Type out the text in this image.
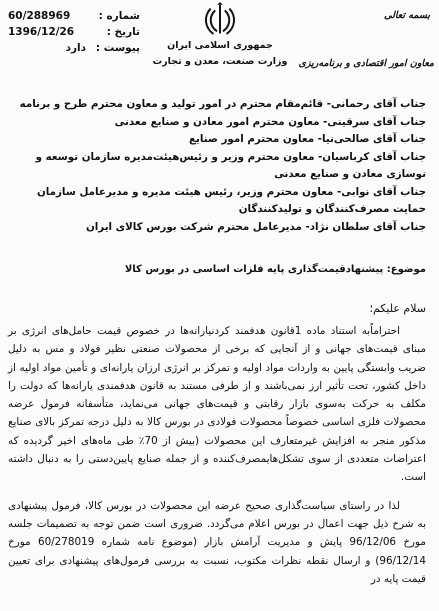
60/288969	شماره :
1396/12/26	تاریخ :
دارد پیوست :	جمهوری اسلامی ایران
وزارت صنعت، معدن و تجارت
بسمه تعالی
معاون امور اقتصادی و برنامه‌ریزی
جناب آقای رحمانی- قائم‌مقام محترم در امور تولید و معاون محترم طرح و برنامه
جناب آقای سرقینی- معاون محترم امور معادن و صنایع معدنی
جناب آقای صالحی‌نیا- معاون محترم امور صنایع
جناب آقای کرباسیان- معاون محترم وزیر و رئیس‌هیئت‌مدیره سازمان توسعه و نوسازی معادن و صنایع معدنی
جناب آقای نوابی- معاون محترم وزیر، رئیس هیئت مدیره و مدیرعامل سازمان حمایت مصرف‌کنندگان و تولیدکنندگان
جناب آقای سلطان نژاد- مدیرعامل محترم شرکت بورس کالای ایران
موضوع: پیشنهادقیمت‌گذاری پایه فلزات اساسی در بورس کالا
سلام علیکم؛

احتراماًبه استناد ماده 1قانون هدفمند کردنیارانه‌ها در خصوص قیمت حامل‌های انرژی بر مبنای قیمت‌های جهانی و از آنجایی که برخی از محصولات صنعتی نظیر فولاد و مس به دلیل ضریب وابستگی پایین به واردات مواد اولیه و تمرکز بر انرژی ارزان یارانه‌ای و تأمین مواد اولیه از داخل کشور، تحت تأثیر ارز نمی‌باشند و از طرفی مستند به قانون هدفمندی یارانه‌ها که دولت را مکلف به حرکت به‌سوی بازار رقابتی و قیمت‌های جهانی می‌نماید، متأسفانه فرمول عرضه محصولات فلزی اساسی خصوصاً محصولات فولادی در بورس کالا به دلیل درجه تمرکز بالای صنایع مذکور منجر به افزایش غیرمتعارف این محصولات (بیش از 70٪ طی ماه‌های اخیر گردیده که اعتراضات متعددی از سوی تشکل‌هایمصرف‌کننده و از جمله صنایع پایین‌دستی را به دنبال داشته است.

لذا در راستای سیاست‌گذاری صحیح عرضه این محصولات در بورس کالا، فرمول پیشنهادی به شرح ذیل جهت اعمال در بورس اعلام می‌گردد. ضروری است ضمن توجه به تصمیمات جلسه مورخ 96/12/06 پایش و مدیریت آرامش بازار (موضوع نامه شماره 60/278019 مورخ 96/12/14) و ارسال نقطه نظرات مکتوب، نسبت به بررسی فرمول‌های پیشنهادی برای تعیین قیمت پایه در
